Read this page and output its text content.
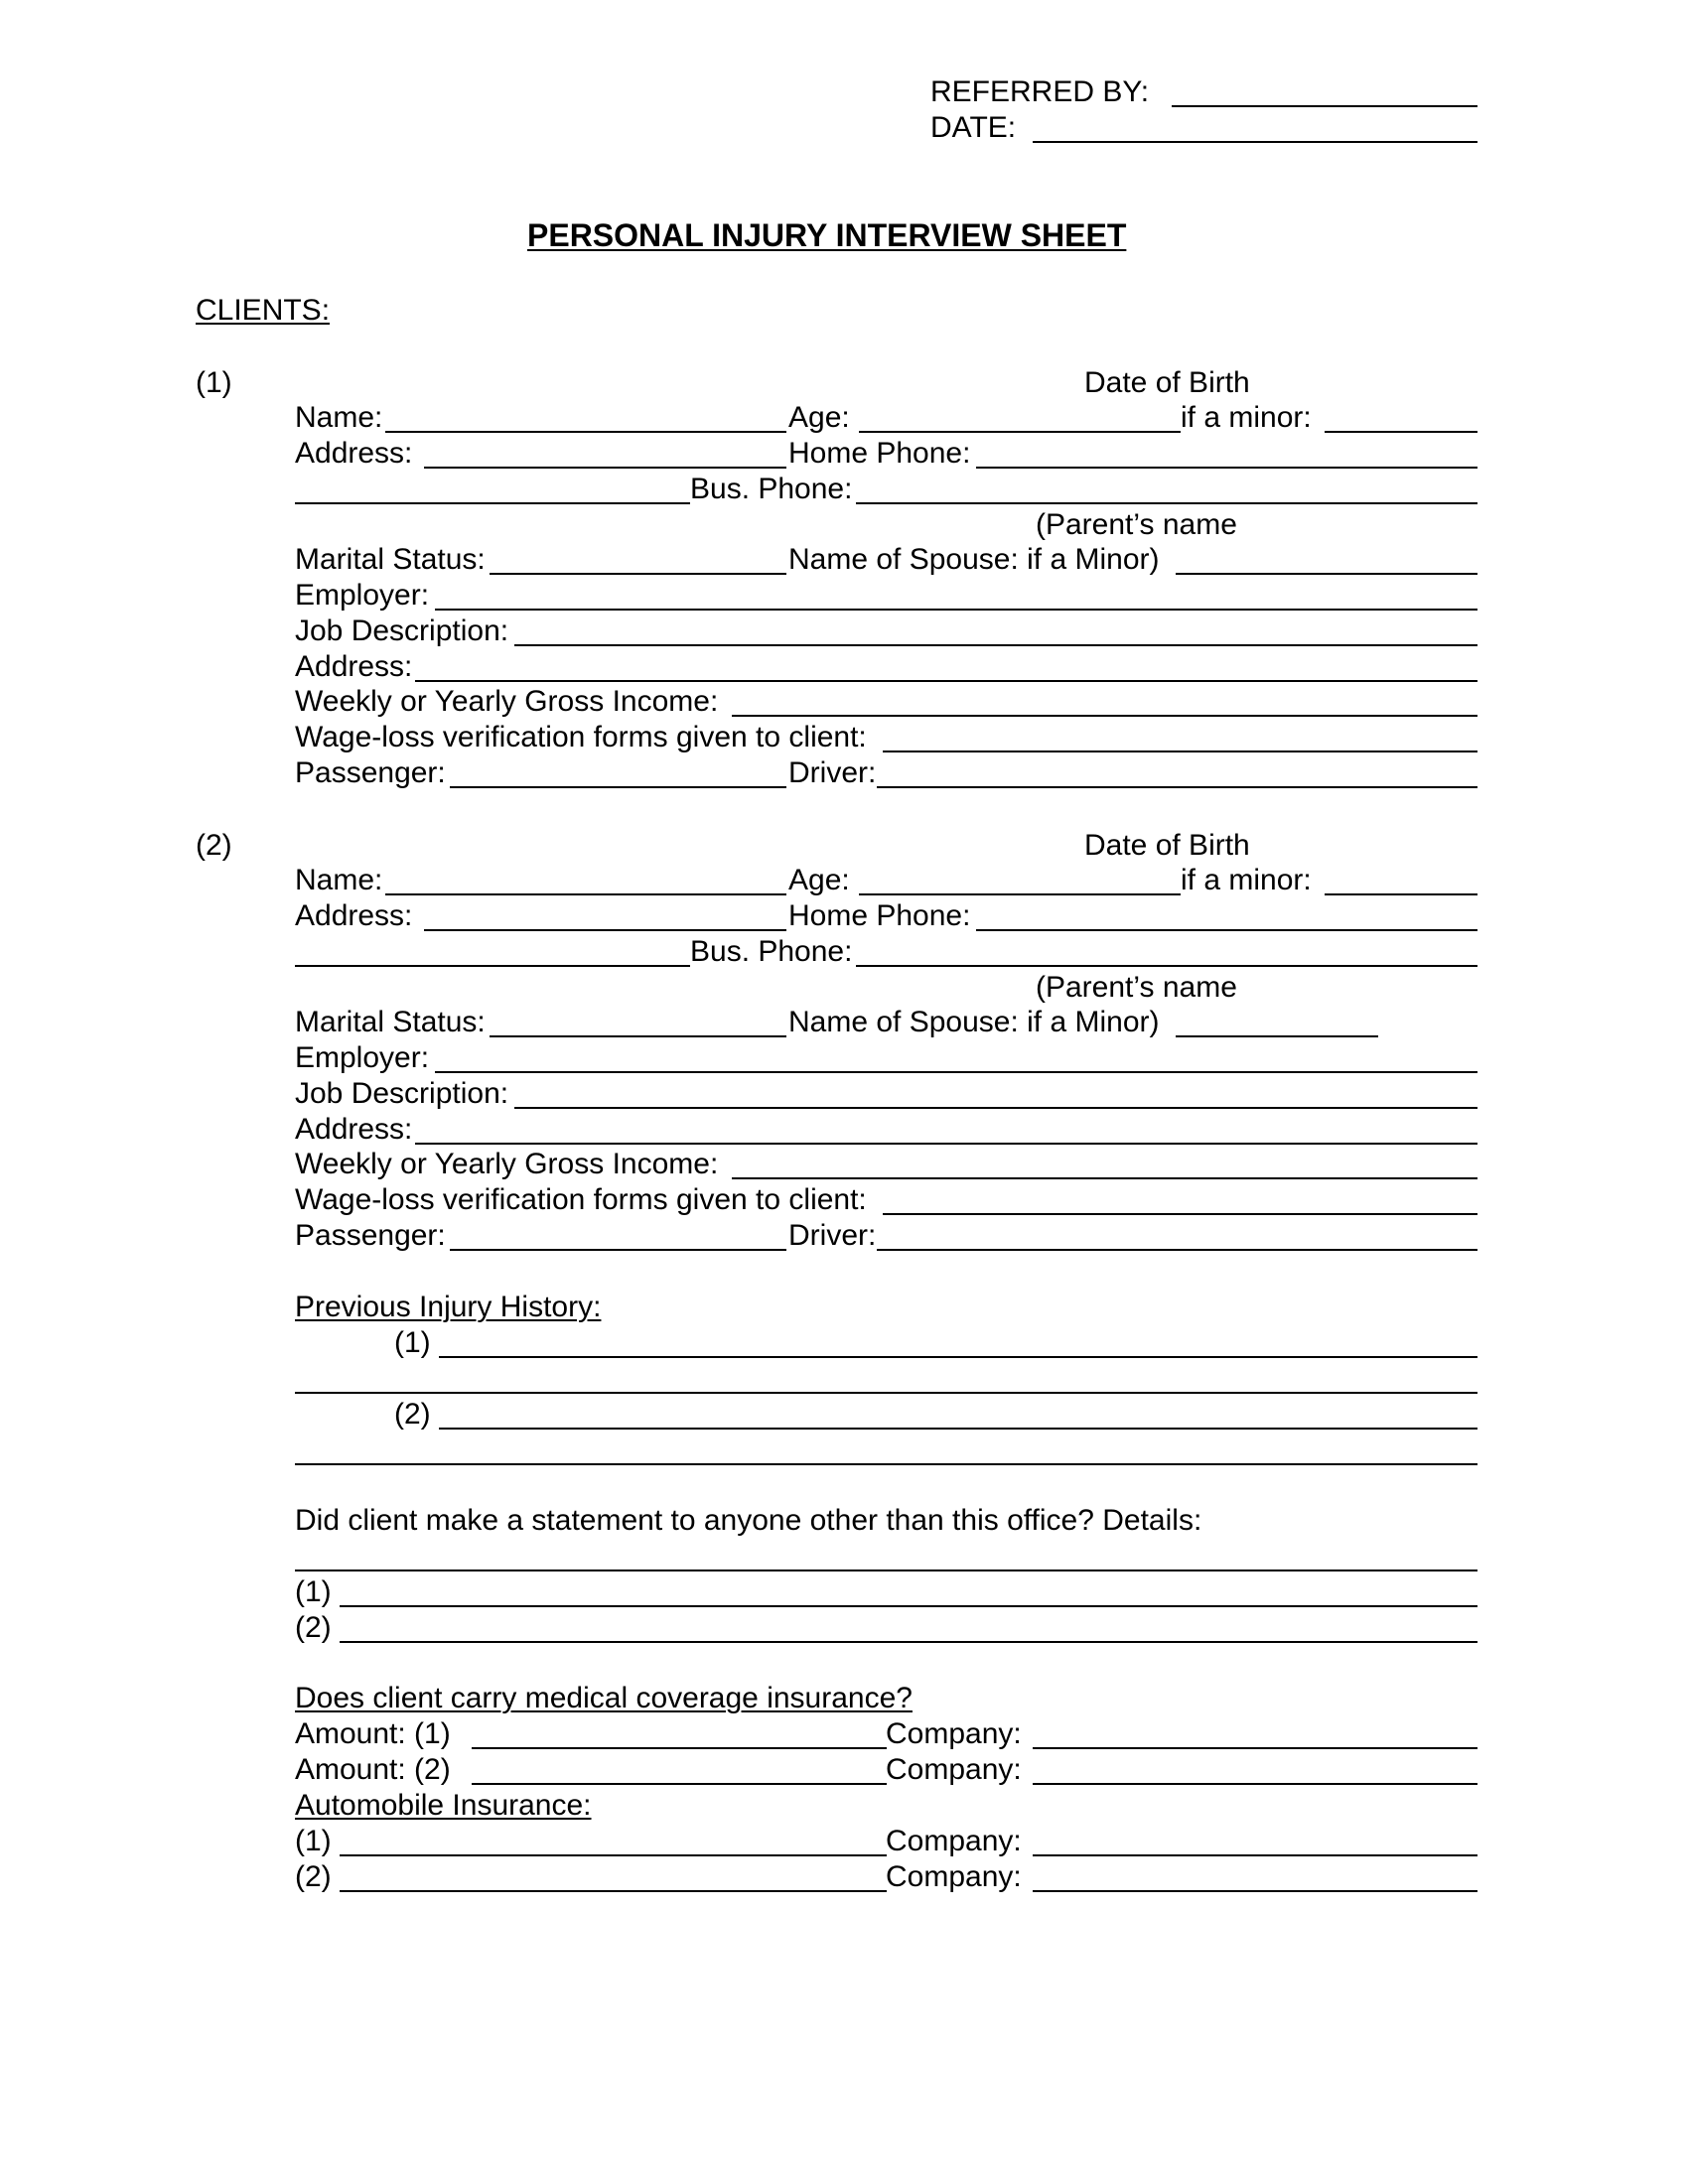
REFERRED BY:
DATE:
PERSONAL INJURY INTERVIEW SHEET
CLIENTS:
(1)	Date of Birth
Name:	Age:	if a minor:
Address:	Home Phone:
Bus. Phone:
(Parent’s name
Marital Status:	Name of Spouse: if a Minor)
Employer:
Job Description:
Address:
Weekly or Yearly Gross Income:
Wage-loss verification forms given to client:
Passenger:	Driver:
(2)	Date of Birth
Name:	Age:	if a minor:
Address:	Home Phone:
Bus. Phone:
(Parent’s name
Marital Status:	Name of Spouse: if a Minor)
Employer:
Job Description:
Address:
Weekly or Yearly Gross Income:
Wage-loss verification forms given to client:
Passenger:	Driver:
Previous Injury History:
(1)
(2)
Did client make a statement to anyone other than this office? Details:
(1)
(2)
Does client carry medical coverage insurance?
Amount: (1)	Company:
Amount: (2)	Company:
Automobile Insurance:
(1)	Company:
(2)	Company:
